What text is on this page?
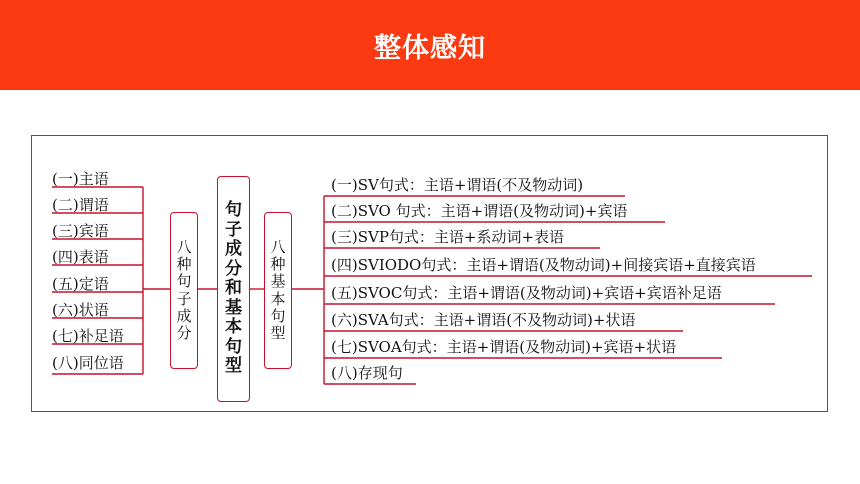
整体感知
(一)主语
(二)谓语
(三)宾语
(四)表语
(五)定语
(六)状语
(七)补足语
(八)同位语
八
种
句
子
成
分
句
子
成
分
和
基
本
句
型
八
种
基
本
句
型
(一)SV句式：主语+谓语(不及物动词)
(二)SVO 句式：主语+谓语(及物动词)+宾语
(三)SVP句式：主语+系动词+表语
(四)SVIODO句式：主语+谓语(及物动词)+间接宾语+直接宾语
(五)SVOC句式：主语+谓语(及物动词)+宾语+宾语补足语
(六)SVA句式：主语+谓语(不及物动词)+状语
(七)SVOA句式：主语+谓语(及物动词)+宾语+状语
(八)存现句
